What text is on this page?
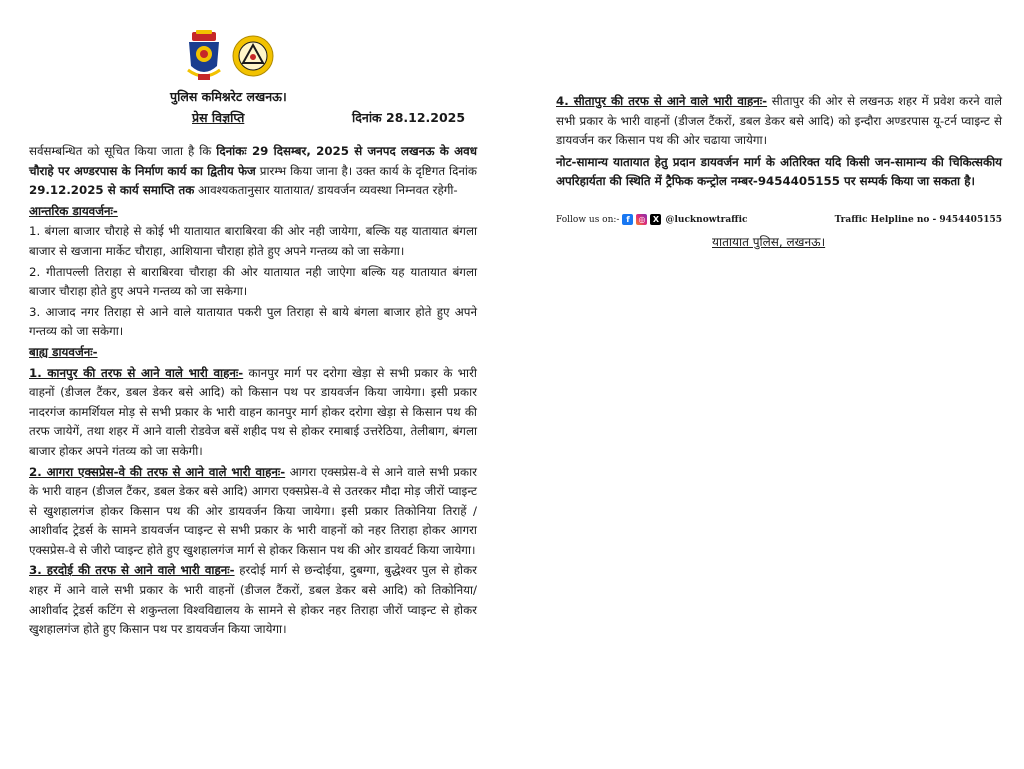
पुलिस कमिश्नरेट लखनऊ।
प्रेस विज्ञप्ति	दिनांक 28.12.2025

सर्वसम्बन्धित को सूचित किया जाता है कि दिनांकः 29 दिसम्बर, 2025 से जनपद लखनऊ के अवध चौराहे पर अण्डरपास के निर्माण कार्य का द्वितीय फेज प्रारम्भ किया जाना है। उक्त कार्य के दृष्टिगत दिनांक 29.12.2025 से कार्य समाप्ति तक आवश्यकतानुसार यातायात/ डायवर्जन व्यवस्था निम्नवत रहेगी-

आन्तरिक डायवर्जनः-

1. बंगला बाजार चौराहे से कोई भी यातायात बाराबिरवा की ओर नही जायेगा, बल्कि यह यातायात बंगला बाजार से खजाना मार्केट चौराहा, आशियाना चौराहा होते हुए अपने गन्तव्य को जा सकेगा।

2. गीतापल्ली तिराहा से बाराबिरवा चौराहा की ओर यातायात नही जाऐगा बल्कि यह यातायात बंगला बाजार चौराहा होते हुए अपने गन्तव्य को जा सकेगा।

3. आजाद नगर तिराहा से आने वाले यातायात पकरी पुल तिराहा से बाये बंगला बाजार होते हुए अपने गन्तव्य को जा सकेगा।

बाह्य डायवर्जनः-

1. कानपुर की तरफ से आने वाले भारी वाहनः- कानपुर मार्ग पर दरोगा खेड़ा से सभी प्रकार के भारी वाहनों (डीजल टैंकर, डबल डेकर बसे आदि) को किसान पथ पर डायवर्जन किया जायेगा। इसी प्रकार नादरगंज कामर्शियल मोड़ से सभी प्रकार के भारी वाहन कानपुर मार्ग होकर दरोगा खेड़ा से किसान पथ की तरफ जायेगें, तथा शहर में आने वाली रोडवेज बसें शहीद पथ से होकर रमाबाई उत्तरेठिया, तेलीबाग, बंगला बाजार होकर अपने गंतव्य को जा सकेगी।

2. आगरा एक्सप्रेस-वे की तरफ से आने वाले भारी वाहनः- आगरा एक्सप्रेस-वे से आने वाले सभी प्रकार के भारी वाहन (डीजल टैंकर, डबल डेकर बसे आदि) आगरा एक्सप्रेस-वे से उतरकर मौदा मोड़ जीरों प्वाइन्ट से खुशहालगंज होकर किसान पथ की ओर डायवर्जन किया जायेगा। इसी प्रकार तिकोनिया तिराहें / आशीर्वाद ट्रेडर्स के सामने डायवर्जन प्वाइन्ट से सभी प्रकार के भारी वाहनों को नहर तिराहा होकर आगरा एक्सप्रेस-वे से जीरो प्वाइन्ट होते हुए खुशहालगंज मार्ग से होकर किसान पथ की ओर डायवर्ट किया जायेगा।

3. हरदोई की तरफ से आने वाले भारी वाहनः- हरदोई मार्ग से छन्दोईया, दुबग्गा, बुद्धेश्वर पुल से होकर शहर में आने वाले सभी प्रकार के भारी वाहनों (डीजल टैंकरों, डबल डेकर बसे आदि) को तिकोनिया/आशीर्वाद ट्रेडर्स कटिंग से शकुन्तला विश्वविद्यालय के सामने से होकर नहर तिराहा जीरों प्वाइन्ट से होकर खुशहालगंज होते हुए किसान पथ पर डायवर्जन किया जायेगा।

4. सीतापुर की तरफ से आने वाले भारी वाहनः- सीतापुर की ओर से लखनऊ शहर में प्रवेश करने वाले सभी प्रकार के भारी वाहनों (डीजल टैंकरों, डबल डेकर बसे आदि) को इन्दौरा अण्डरपास यू-टर्न प्वाइन्ट से डायवर्जन कर किसान पथ की ओर चढाया जायेगा।

नोट-सामान्य यातायात हेतु प्रदान डायवर्जन मार्ग के अतिरिक्त यदि किसी जन-सामान्य की चिकित्सकीय अपरिहार्यता की स्थिति में ट्रैफिक कन्ट्रोल नम्बर-9454405155 पर सम्पर्क किया जा सकता है।

Follow us on:- f	◎ X @lucknowtraffic	Traffic Helpline no - 9454405155
यातायात पुलिस, लखनऊ।
